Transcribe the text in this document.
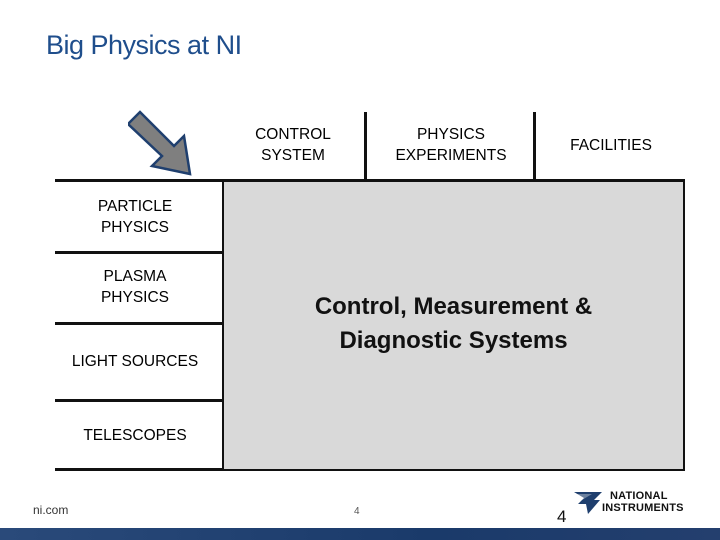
Big Physics at NI
CONTROL
SYSTEM
PHYSICS
EXPERIMENTS
FACILITIES
PARTICLE
PHYSICS
PLASMA
PHYSICS
LIGHT SOURCES
TELESCOPES
Control, Measurement &
Diagnostic Systems
ni.com	4	4
NATIONAL
INSTRUMENTS
